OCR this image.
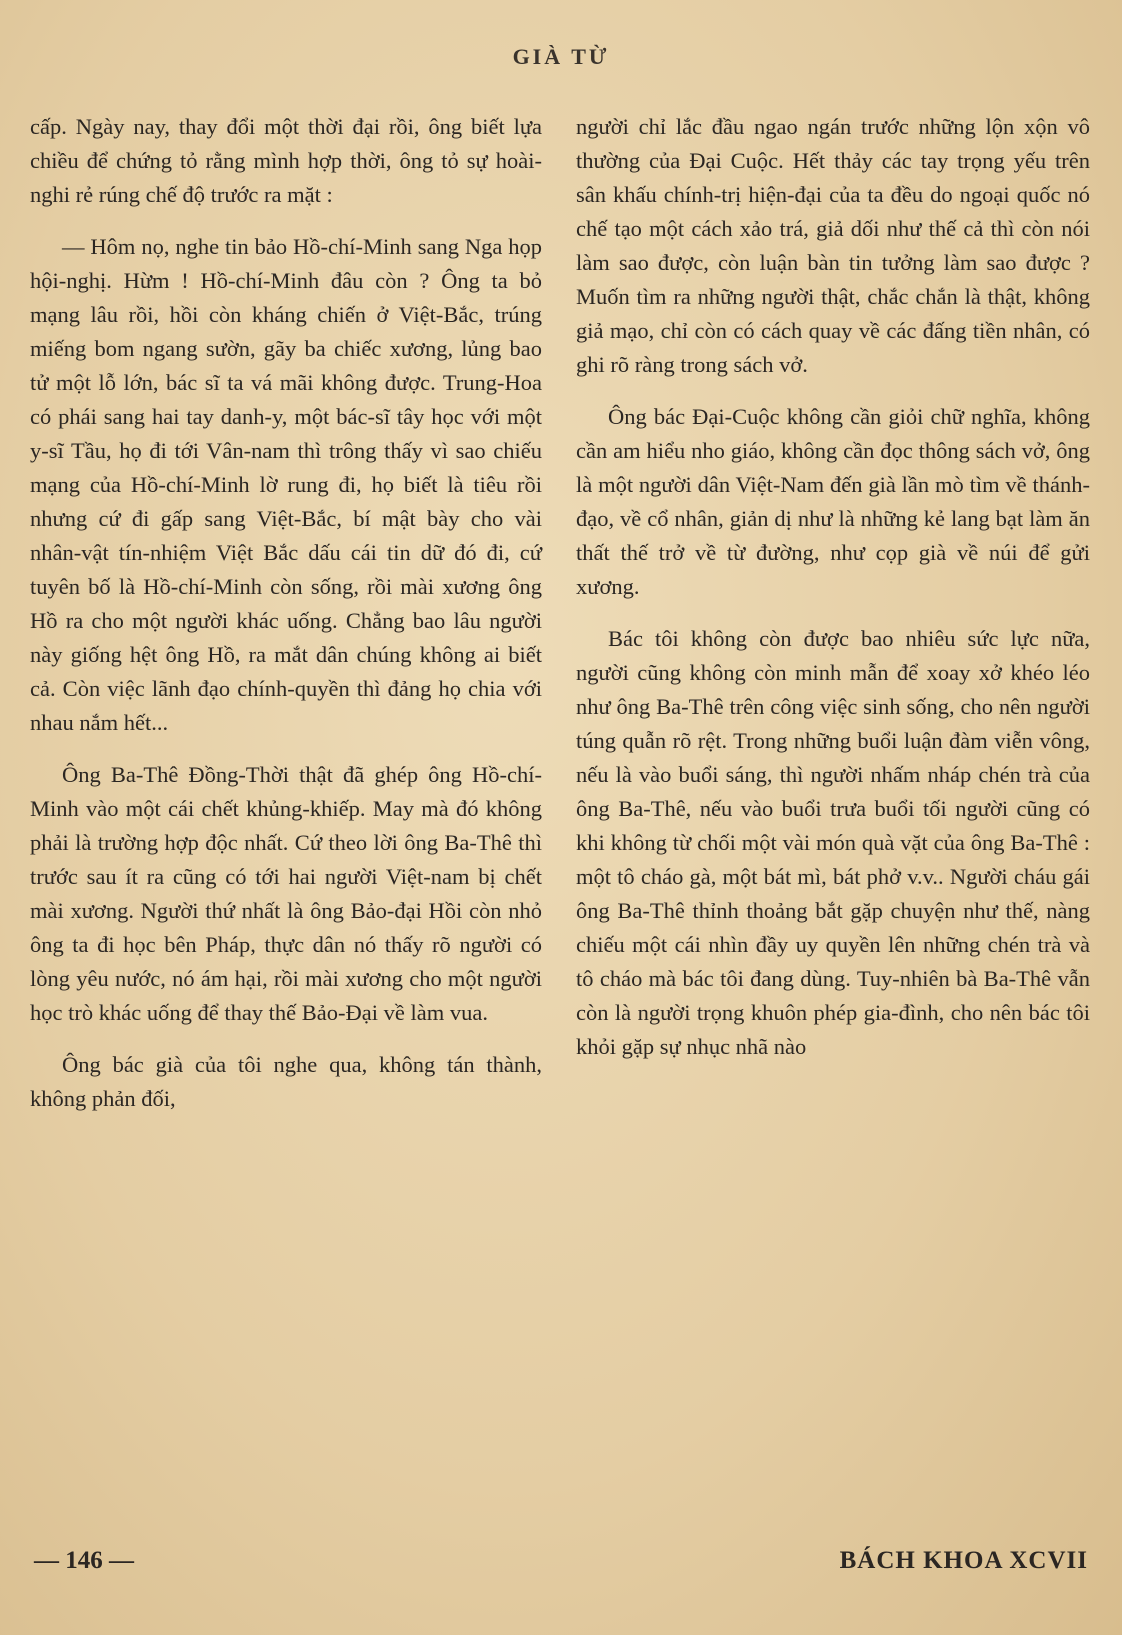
GIÀ TỪ

cấp. Ngày nay, thay đổi một thời đại rồi, ông biết lựa chiều để chứng tỏ rằng mình hợp thời, ông tỏ sự hoài-nghi rẻ rúng chế độ trước ra mặt :

— Hôm nọ, nghe tin bảo Hồ-chí-Minh sang Nga họp hội-nghị. Hừm ! Hồ-chí-Minh đâu còn ? Ông ta bỏ mạng lâu rồi, hồi còn kháng chiến ở Việt-Bắc, trúng miếng bom ngang sườn, gãy ba chiếc xương, lủng bao tử một lỗ lớn, bác sĩ ta vá mãi không được. Trung-Hoa có phái sang hai tay danh-y, một bác-sĩ tây học với một y-sĩ Tầu, họ đi tới Vân-nam thì trông thấy vì sao chiếu mạng của Hồ-chí-Minh lờ rung đi, họ biết là tiêu rồi nhưng cứ đi gấp sang Việt-Bắc, bí mật bày cho vài nhân-vật tín-nhiệm Việt Bắc dấu cái tin dữ đó đi, cứ tuyên bố là Hồ-chí-Minh còn sống, rồi mài xương ông Hồ ra cho một người khác uống. Chẳng bao lâu người này giống hệt ông Hồ, ra mắt dân chúng không ai biết cả. Còn việc lãnh đạo chính-quyền thì đảng họ chia với nhau nắm hết...

Ông Ba-Thê Đồng-Thời thật đã ghép ông Hồ-chí-Minh vào một cái chết khủng-khiếp. May mà đó không phải là trường hợp độc nhất. Cứ theo lời ông Ba-Thê thì trước sau ít ra cũng có tới hai người Việt-nam bị chết mài xương. Người thứ nhất là ông Bảo-đại Hồi còn nhỏ ông ta đi học bên Pháp, thực dân nó thấy rõ người có lòng yêu nước, nó ám hại, rồi mài xương cho một người học trò khác uống để thay thế Bảo-Đại về làm vua.

Ông bác già của tôi nghe qua, không tán thành, không phản đối,

người chỉ lắc đầu ngao ngán trước những lộn xộn vô thường của Đại Cuộc. Hết thảy các tay trọng yếu trên sân khấu chính-trị hiện-đại của ta đều do ngoại quốc nó chế tạo một cách xảo trá, giả dối như thế cả thì còn nói làm sao được, còn luận bàn tin tưởng làm sao được ? Muốn tìm ra những người thật, chắc chắn là thật, không giả mạo, chỉ còn có cách quay về các đấng tiền nhân, có ghi rõ ràng trong sách vở.

Ông bác Đại-Cuộc không cần giỏi chữ nghĩa, không cần am hiểu nho giáo, không cần đọc thông sách vở, ông là một người dân Việt-Nam đến già lần mò tìm về thánh-đạo, về cổ nhân, giản dị như là những kẻ lang bạt làm ăn thất thế trở về từ đường, như cọp già về núi để gửi xương.

Bác tôi không còn được bao nhiêu sức lực nữa, người cũng không còn minh mẫn để xoay xở khéo léo như ông Ba-Thê trên công việc sinh sống, cho nên người túng quẫn rõ rệt. Trong những buổi luận đàm viễn vông, nếu là vào buổi sáng, thì người nhấm nháp chén trà của ông Ba-Thê, nếu vào buổi trưa buổi tối người cũng có khi không từ chối một vài món quà vặt của ông Ba-Thê : một tô cháo gà, một bát mì, bát phở v.v.. Người cháu gái ông Ba-Thê thỉnh thoảng bắt gặp chuyện như thế, nàng chiếu một cái nhìn đầy uy quyền lên những chén trà và tô cháo mà bác tôi đang dùng. Tuy-nhiên bà Ba-Thê vẫn còn là người trọng khuôn phép gia-đình, cho nên bác tôi khỏi gặp sự nhục nhã nào

— 146 —	BÁCH KHOA XCVII
